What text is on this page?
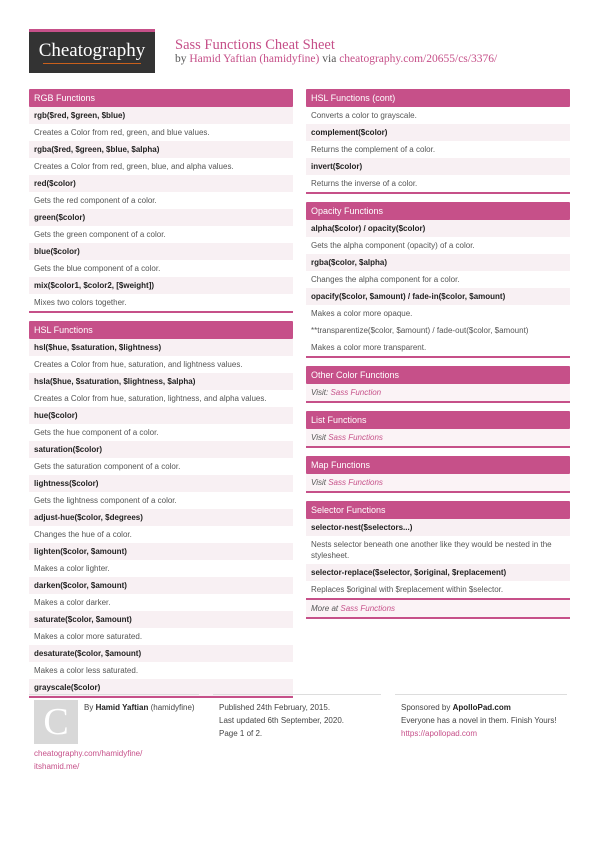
Cheatography	Sass Functions Cheat Sheet
by Hamid Yaftian (hamidyfine) via cheatography.com/20655/cs/3376/
RGB Functions
rgb($red, $green, $blue)
Creates a Color from red, green, and blue values.
rgba($red, $green, $blue, $alpha)
Creates a Color from red, green, blue, and alpha values.
red($color)
Gets the red component of a color.
green($color)
Gets the green component of a color.
blue($color)
Gets the blue component of a color.
mix($color1, $color2, [$weight])
Mixes two colors together.
HSL Functions
hsl($hue, $saturation, $lightness)
Creates a Color from hue, saturation, and lightness values.
hsla($hue, $saturation, $lightness, $alpha)
Creates a Color from hue, saturation, lightness, and alpha values.
hue($color)
Gets the hue component of a color.
saturation($color)
Gets the saturation component of a color.
lightness($color)
Gets the lightness component of a color.
adjust-hue($color, $degrees)
Changes the hue of a color.
lighten($color, $amount)
Makes a color lighter.
darken($color, $amount)
Makes a color darker.
saturate($color, $amount)
Makes a color more saturated.
desaturate($color, $amount)
Makes a color less saturated.
grayscale($color)
HSL Functions (cont)
Converts a color to grayscale.
complement($color)
Returns the complement of a color.
invert($color)
Returns the inverse of a color.
Opacity Functions
alpha($color) / opacity($color)
Gets the alpha component (opacity) of a color.
rgba($color, $alpha)
Changes the alpha component for a color.
opacify($color, $amount) / fade-in($color, $amount)
Makes a color more opaque.
**transparentize($color, $amount) / fade-out($color, $amount)
Makes a color more transparent.
Other Color Functions
Visit: Sass Function
List Functions
Visit Sass Functions
Map Functions
Visit Sass Functions
Selector Functions
selector-nest($selectors...)
Nests selector beneath one another like they would be nested in the stylesheet.
selector-replace($selector, $original, $replacement)
Replaces $original with $replacement within $selector.
More at Sass Functions
C	By Hamid Yaftian (hamidyfine)
cheatography.com/hamidyfine/
itshamid.me/
Published 24th February, 2015.
Last updated 6th September, 2020.
Page 1 of 2.
Sponsored by ApolloPad.com
Everyone has a novel in them. Finish Yours!
https://apollopad.com
